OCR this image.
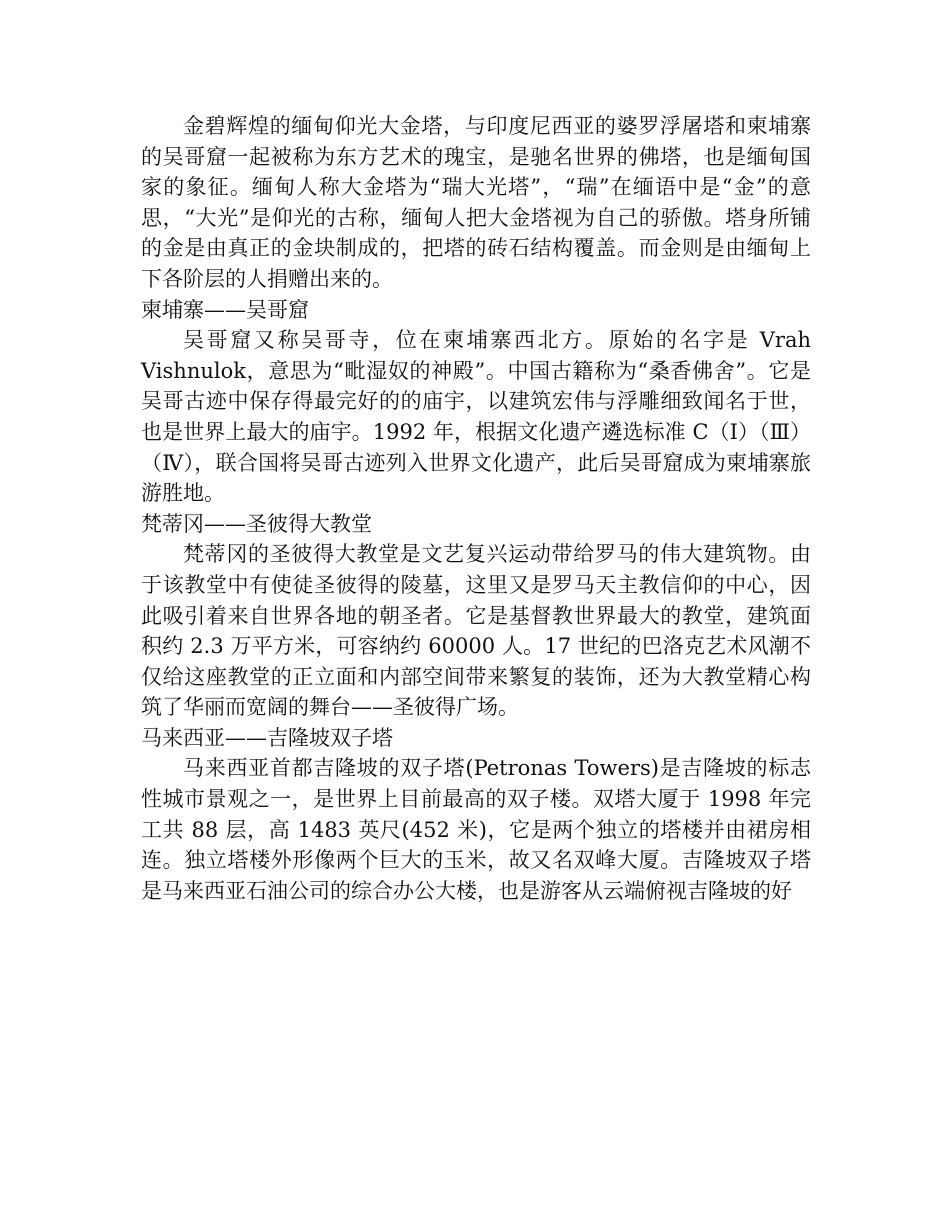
金碧辉煌的缅甸仰光大金塔，与印度尼西亚的婆罗浮屠塔和柬埔寨的吴哥窟一起被称为东方艺术的瑰宝，是驰名世界的佛塔，也是缅甸国家的象征。缅甸人称大金塔为“瑞大光塔”，“瑞”在缅语中是“金”的意思，“大光”是仰光的古称，缅甸人把大金塔视为自己的骄傲。塔身所铺的金是由真正的金块制成的，把塔的砖石结构覆盖。而金则是由缅甸上下各阶层的人捐赠出来的。

柬埔寨——吴哥窟

吴哥窟又称吴哥寺，位在柬埔寨西北方。原始的名字是 Vrah Vishnulok，意思为“毗湿奴的神殿”。中国古籍称为“桑香佛舍”。它是吴哥古迹中保存得最完好的的庙宇，以建筑宏伟与浮雕细致闻名于世，也是世界上最大的庙宇。1992 年，根据文化遗产遴选标准 C（Ⅰ）（Ⅲ）（Ⅳ），联合国将吴哥古迹列入世界文化遗产，此后吴哥窟成为柬埔寨旅游胜地。

梵蒂冈——圣彼得大教堂

梵蒂冈的圣彼得大教堂是文艺复兴运动带给罗马的伟大建筑物。由于该教堂中有使徒圣彼得的陵墓，这里又是罗马天主教信仰的中心，因此吸引着来自世界各地的朝圣者。它是基督教世界最大的教堂，建筑面积约 2.3 万平方米，可容纳约 60000 人。17 世纪的巴洛克艺术风潮不仅给这座教堂的正立面和内部空间带来繁复的装饰，还为大教堂精心构筑了华丽而宽阔的舞台——圣彼得广场。

马来西亚——吉隆坡双子塔

马来西亚首都吉隆坡的双子塔(Petronas Towers)是吉隆坡的标志性城市景观之一，是世界上目前最高的双子楼。双塔大厦于 1998 年完工共 88 层，高 1483 英尺(452 米)，它是两个独立的塔楼并由裙房相连。独立塔楼外形像两个巨大的玉米，故又名双峰大厦。吉隆坡双子塔是马来西亚石油公司的综合办公大楼，也是游客从云端俯视吉隆坡的好
